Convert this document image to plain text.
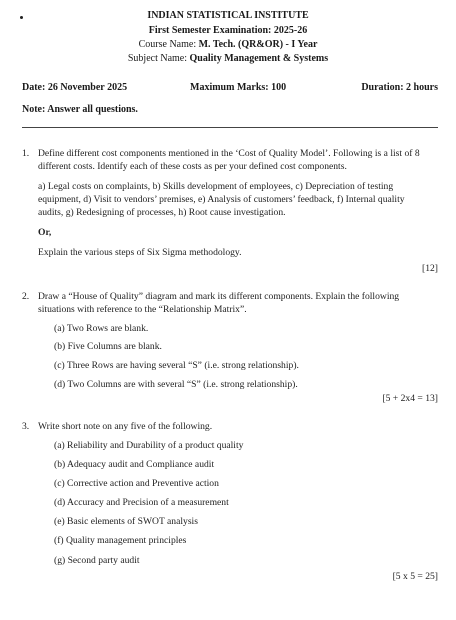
INDIAN STATISTICAL INSTITUTE
First Semester Examination: 2025-26
Course Name: M. Tech. (QR&OR) - I Year
Subject Name: Quality Management & Systems
Date: 26 November 2025	Maximum Marks: 100	Duration: 2 hours
Note: Answer all questions.
1. Define different cost components mentioned in the ‘Cost of Quality Model’. Following is a list of 8
different costs. Identify each of these costs as per your defined cost components.
a) Legal costs on complaints, b) Skills development of employees, c) Depreciation of testing
equipment, d) Visit to vendors’ premises, e) Analysis of customers’ feedback, f) Internal quality
audits, g) Redesigning of processes, h) Root cause investigation.
Or,
Explain the various steps of Six Sigma methodology.
[12]
2. Draw a “House of Quality” diagram and mark its different components. Explain the following
situations with reference to the “Relationship Matrix”.
(a) Two Rows are blank.
(b) Five Columns are blank.
(c) Three Rows are having several “S” (i.e. strong relationship).
(d) Two Columns are with several “S” (i.e. strong relationship).
[5 + 2x4 = 13]
3. Write short note on any five of the following.
(a) Reliability and Durability of a product quality
(b) Adequacy audit and Compliance audit
(c) Corrective action and Preventive action
(d) Accuracy and Precision of a measurement
(e) Basic elements of SWOT analysis
(f) Quality management principles
(g) Second party audit
[5 x 5 = 25]
